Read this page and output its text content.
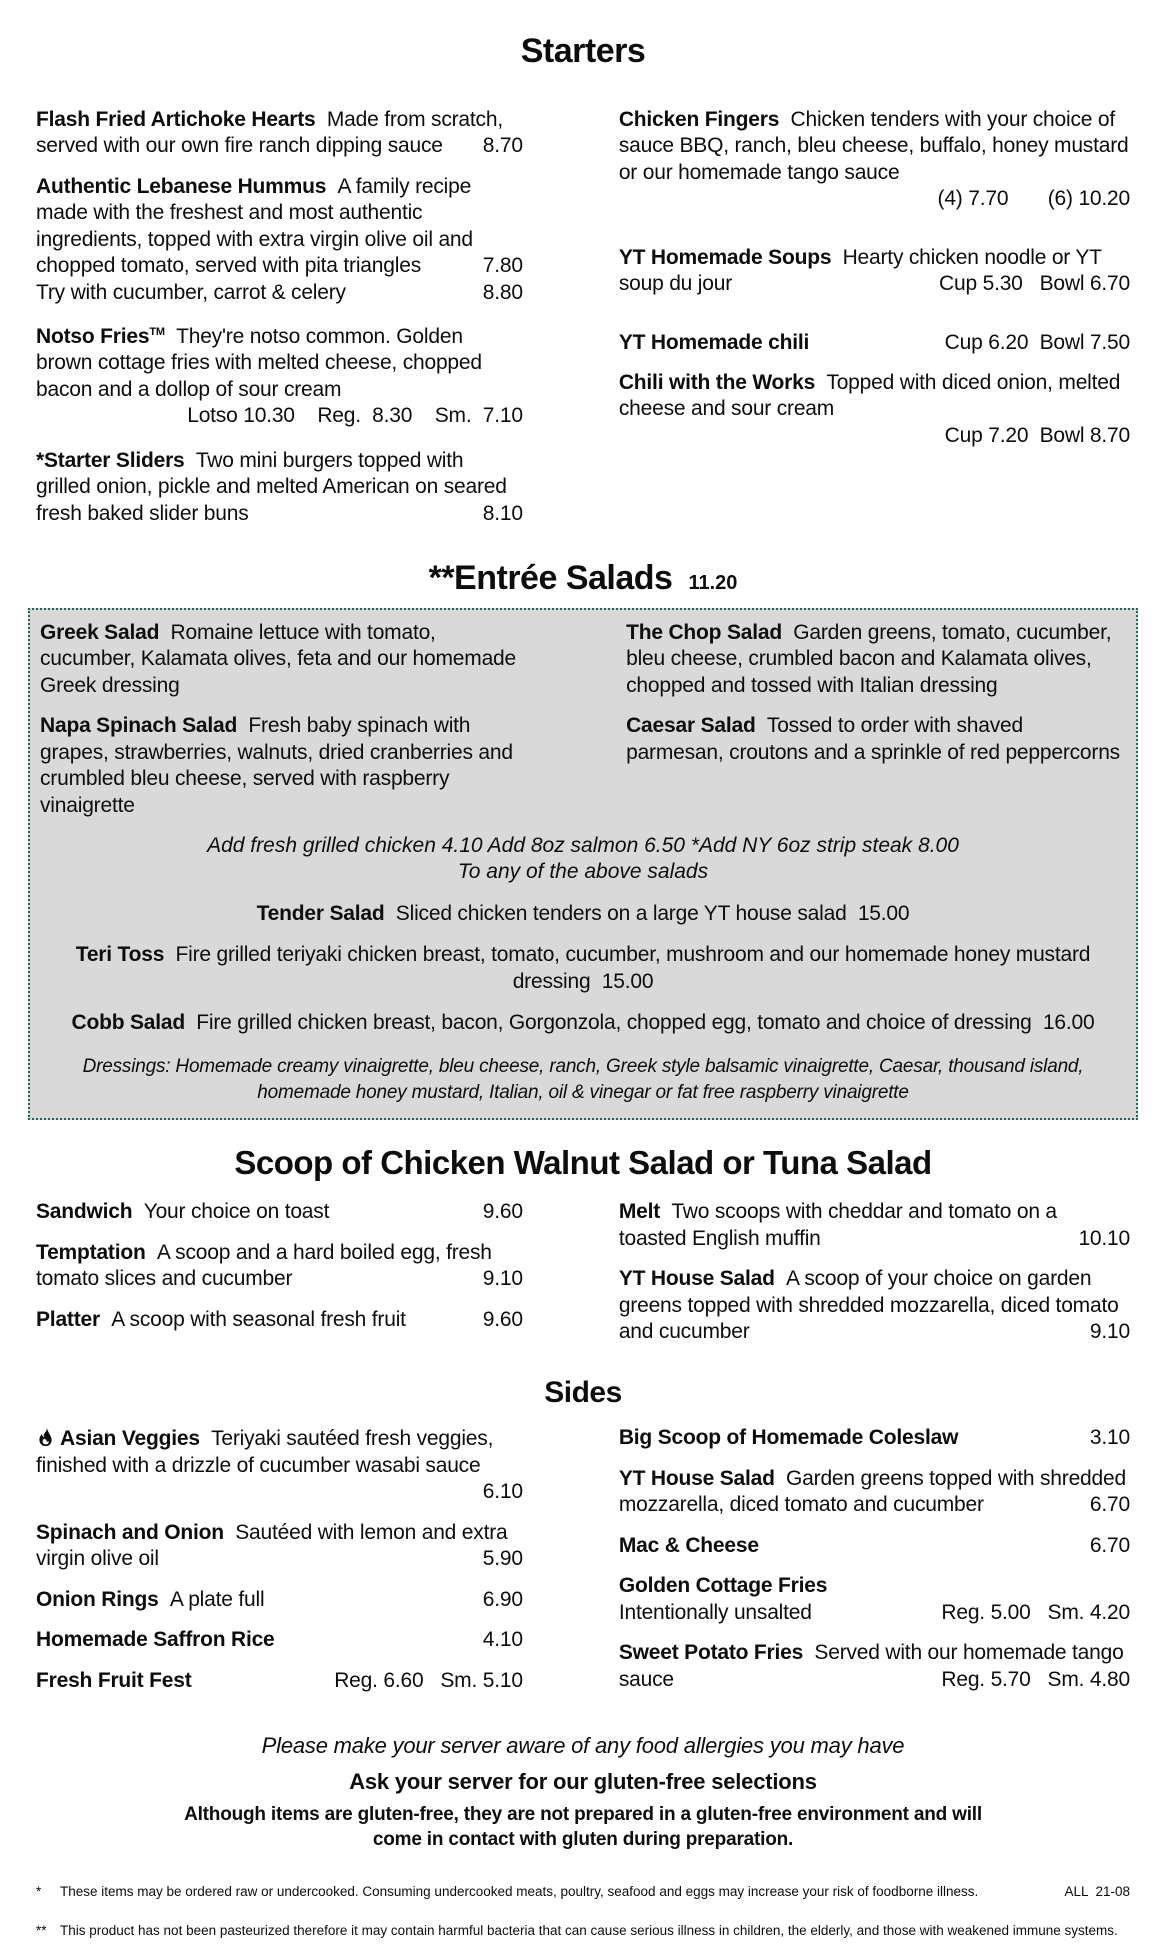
Starters
Flash Fried Artichoke Hearts Made from scratch, served with our own fire ranch dipping sauce 8.70
Authentic Lebanese Hummus A family recipe made with the freshest and most authentic ingredients, topped with extra virgin olive oil and chopped tomato, served with pita triangles	7.80
Try with cucumber, carrot & celery	8.80
Notso Fries™ They're notso common. Golden brown cottage fries with melted cheese, chopped bacon and a dollop of sour cream
Lotso 10.30    Reg.  8.30    Sm.  7.10
*Starter Sliders Two mini burgers topped with grilled onion, pickle and melted American on seared fresh baked slider buns	8.10
Chicken Fingers Chicken tenders with your choice of sauce BBQ, ranch, bleu cheese, buffalo, honey mustard or our homemade tango sauce
(4) 7.70       (6) 10.20
YT Homemade Soups Hearty chicken noodle or YT soup du jour	Cup 5.30   Bowl 6.70
YT Homemade chili	Cup 6.20  Bowl 7.50
Chili with the Works Topped with diced onion, melted cheese and sour cream
Cup 7.20  Bowl 8.70
**Entrée Salads 11.20
Greek Salad Romaine lettuce with tomato, cucumber, Kalamata olives, feta and our homemade Greek dressing
Napa Spinach Salad Fresh baby spinach with grapes, strawberries, walnuts, dried cranberries and crumbled bleu cheese, served with raspberry vinaigrette
The Chop Salad Garden greens, tomato, cucumber, bleu cheese, crumbled bacon and Kalamata olives, chopped and tossed with Italian dressing
Caesar Salad Tossed to order with shaved parmesan, croutons and a sprinkle of red peppercorns
Add fresh grilled chicken 4.10 Add 8oz salmon 6.50 *Add NY 6oz strip steak 8.00
To any of the above salads
Tender Salad Sliced chicken tenders on a large YT house salad 15.00
Teri Toss Fire grilled teriyaki chicken breast, tomato, cucumber, mushroom and our homemade honey mustard dressing 15.00
Cobb Salad Fire grilled chicken breast, bacon, Gorgonzola, chopped egg, tomato and choice of dressing 16.00
Dressings: Homemade creamy vinaigrette, bleu cheese, ranch, Greek style balsamic vinaigrette, Caesar, thousand island, homemade honey mustard, Italian, oil & vinegar or fat free raspberry vinaigrette
Scoop of Chicken Walnut Salad or Tuna Salad
Sandwich Your choice on toast	9.60
Temptation A scoop and a hard boiled egg, fresh tomato slices and cucumber	9.10
Platter A scoop with seasonal fresh fruit	9.60
Melt Two scoops with cheddar and tomato on a toasted English muffin	10.10
YT House Salad A scoop of your choice on garden greens topped with shredded mozzarella, diced tomato and cucumber	9.10
Sides
Asian Veggies Teriyaki sautéed fresh veggies, finished with a drizzle of cucumber wasabi sauce
6.10
Spinach and Onion Sautéed with lemon and extra virgin olive oil	5.90
Onion Rings A plate full	6.90
Homemade Saffron Rice	4.10
Fresh Fruit Fest	Reg. 6.60   Sm. 5.10
Big Scoop of Homemade Coleslaw	3.10
YT House Salad Garden greens topped with shredded mozzarella, diced tomato and cucumber	6.70
Mac & Cheese	6.70
Golden Cottage Fries
Intentionally unsalted	Reg. 5.00   Sm. 4.20
Sweet Potato Fries Served with our homemade tango sauce	Reg. 5.70   Sm. 4.80
Please make your server aware of any food allergies you may have
Ask your server for our gluten-free selections
Although items are gluten-free, they are not prepared in a gluten-free environment and will come in contact with gluten during preparation.
*	These items may be ordered raw or undercooked. Consuming undercooked meats, poultry, seafood and eggs may increase your risk of foodborne illness.	ALL  21-08
** This product has not been pasteurized therefore it may contain harmful bacteria that can cause serious illness in children, the elderly, and those with weakened immune systems.
